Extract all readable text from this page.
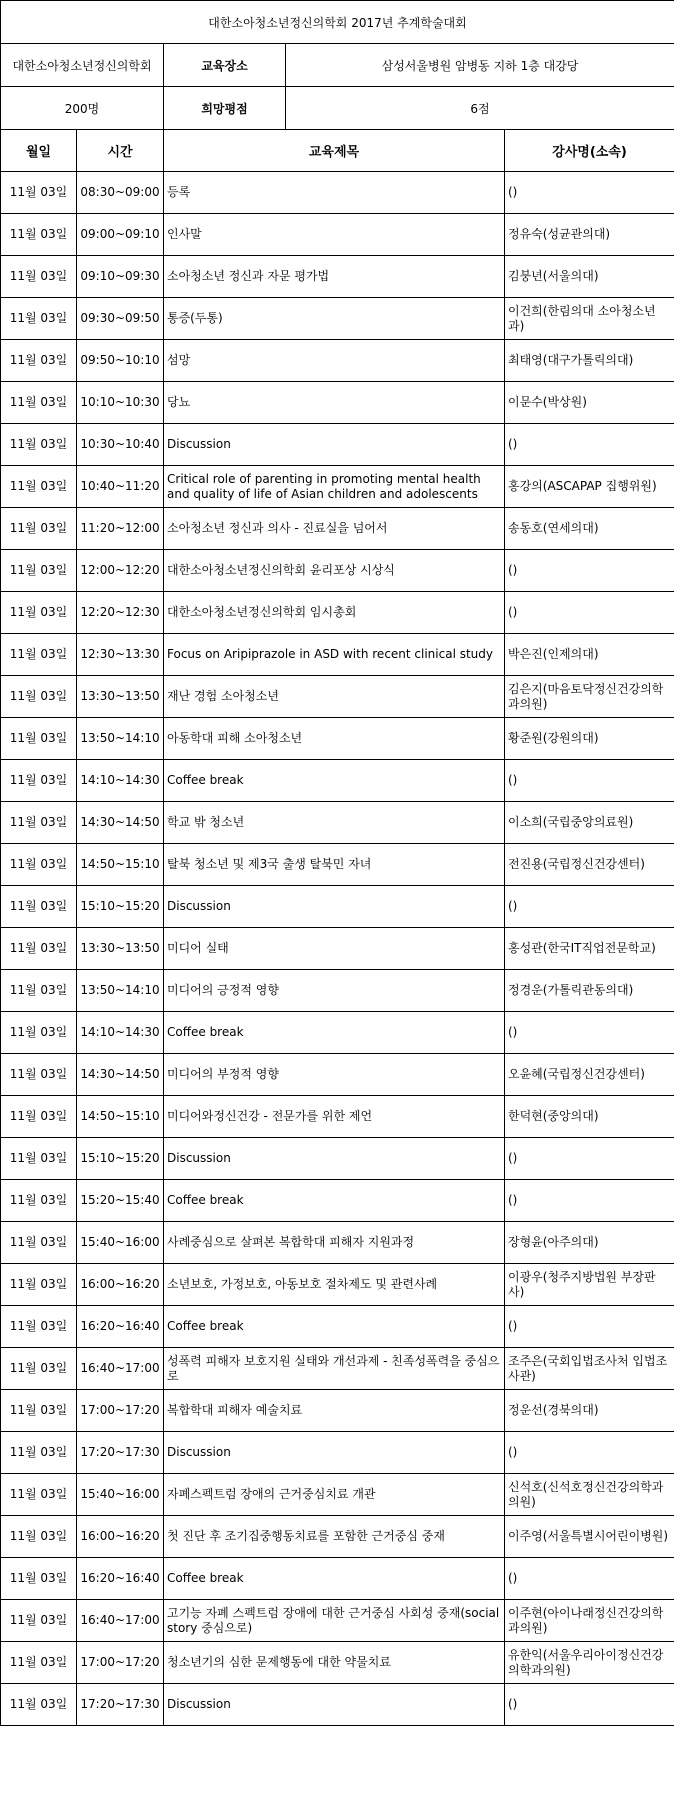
대한소아청소년정신의학회 2017년 추계학술대회				
대한소아청소년정신의학회		교육장소	삼성서울병원 암병동 지하 1층 대강당	
200명		희망평점	6점	
월일	시간	교육제목		강사명(소속)
11월 03일	08:30~09:00	등록		()
11월 03일	09:00~09:10	인사말		정유숙(성균관의대)
11월 03일	09:10~09:30	소아청소년 정신과 자문 평가법		김붕년(서울의대)
11월 03일	09:30~09:50	통증(두통)		이건희(한림의대 소아청소년과)
11월 03일	09:50~10:10	섬망		최태영(대구가톨릭의대)
11월 03일	10:10~10:30	당뇨		이문수(박상원)
11월 03일	10:30~10:40	Discussion		()
11월 03일	10:40~11:20	Critical role of parenting in promoting mental health and quality of life of Asian children and adolescents		홍강의(ASCAPAP 집행위원)
11월 03일	11:20~12:00	소아청소년 정신과 의사 - 진료실을 넘어서		송동호(연세의대)
11월 03일	12:00~12:20	대한소아청소년정신의학회 윤리포상 시상식		()
11월 03일	12:20~12:30	대한소아청소년정신의학회 임시총회		()
11월 03일	12:30~13:30	Focus on Aripiprazole in ASD with recent clinical study		박은진(인제의대)
11월 03일	13:30~13:50	재난 경험 소아청소년		김은지(마음토닥정신건강의학과의원)
11월 03일	13:50~14:10	아동학대 피해 소아청소년		황준원(강원의대)
11월 03일	14:10~14:30	Coffee break		()
11월 03일	14:30~14:50	학교 밖 청소년		이소희(국립중앙의료원)
11월 03일	14:50~15:10	탈북 청소년 및 제3국 출생 탈북민 자녀		전진용(국립정신건강센터)
11월 03일	15:10~15:20	Discussion		()
11월 03일	13:30~13:50	미디어 실태		홍성관(한국IT직업전문학교)
11월 03일	13:50~14:10	미디어의 긍정적 영향		정경운(가톨릭관동의대)
11월 03일	14:10~14:30	Coffee break		()
11월 03일	14:30~14:50	미디어의 부정적 영향		오윤혜(국립정신건강센터)
11월 03일	14:50~15:10	미디어와정신건강 - 전문가를 위한 제언		한덕현(중앙의대)
11월 03일	15:10~15:20	Discussion		()
11월 03일	15:20~15:40	Coffee break		()
11월 03일	15:40~16:00	사례중심으로 살펴본 복합학대 피해자 지원과정		장형윤(아주의대)
11월 03일	16:00~16:20	소년보호, 가정보호, 아동보호 절차제도 및 관련사례		이광우(청주지방법원 부장판사)
11월 03일	16:20~16:40	Coffee break		()
11월 03일	16:40~17:00	성폭력 피해자 보호지원 실태와 개선과제 - 친족성폭력을 중심으로		조주은(국회입법조사처 입법조사관)
11월 03일	17:00~17:20	복합학대 피해자 예술치료		정운선(경북의대)
11월 03일	17:20~17:30	Discussion		()
11월 03일	15:40~16:00	자폐스펙트럼 장애의 근거중심치료 개관		신석호(신석호정신건강의학과의원)
11월 03일	16:00~16:20	첫 진단 후 조기집중행동치료를 포함한 근거중심 중재		이주영(서울특별시어린이병원)
11월 03일	16:20~16:40	Coffee break		()
11월 03일	16:40~17:00	고기능 자폐 스펙트럼 장애에 대한 근거중심 사회성 중재(social story 중심으로)		이주현(아이나래정신건강의학과의원)
11월 03일	17:00~17:20	청소년기의 심한 문제행동에 대한 약물치료		유한익(서울우리아이정신건강의학과의원)
11월 03일	17:20~17:30	Discussion		()
